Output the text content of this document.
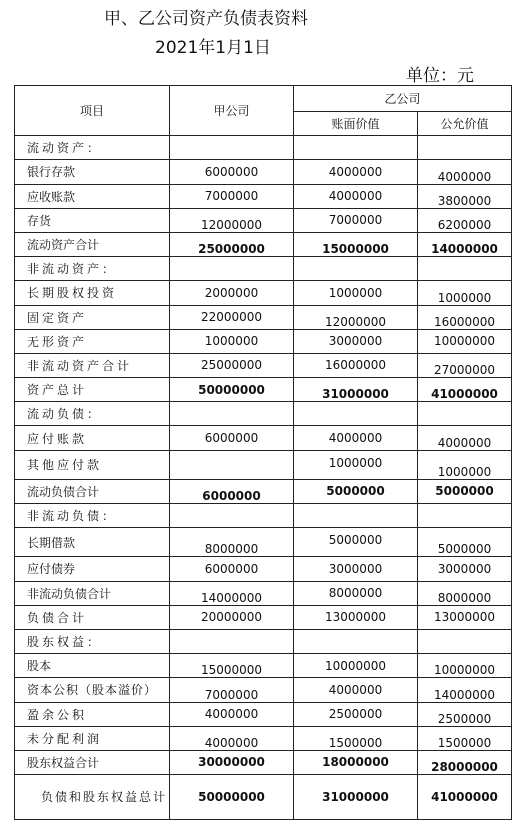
甲、乙公司资产负债表资料
2021年1月1日
单位：元
项目	甲公司	乙公司	
		账面价值	公允价值
流动资产：			
银行存款	6000000	4000000	4000000
应收账款	7000000	4000000	3800000
存货	12000000	7000000	6200000
流动资产合计	25000000	15000000	14000000
非流动资产：			
长期股权投资	2000000	1000000	1000000
固定资产	22000000	12000000	16000000
无形资产	1000000	3000000	10000000
非流动资产合计	25000000	16000000	27000000
资产总计	50000000	31000000	41000000
流动负债：			
应付账款	6000000	4000000	4000000
其他应付款		1000000	1000000
流动负债合计	6000000	5000000	5000000
非流动负债：			
长期借款	8000000	5000000	5000000
应付债券	6000000	3000000	3000000
非流动负债合计	14000000	8000000	8000000
负债合计	20000000	13000000	13000000
股东权益：			
股本	15000000	10000000	10000000
资本公积（股本溢价）	7000000	4000000	14000000
盈余公积	4000000	2500000	2500000
未分配利润	4000000	1500000	1500000
股东权益合计	30000000	18000000	28000000
负债和股东权益总计	50000000	31000000	41000000
